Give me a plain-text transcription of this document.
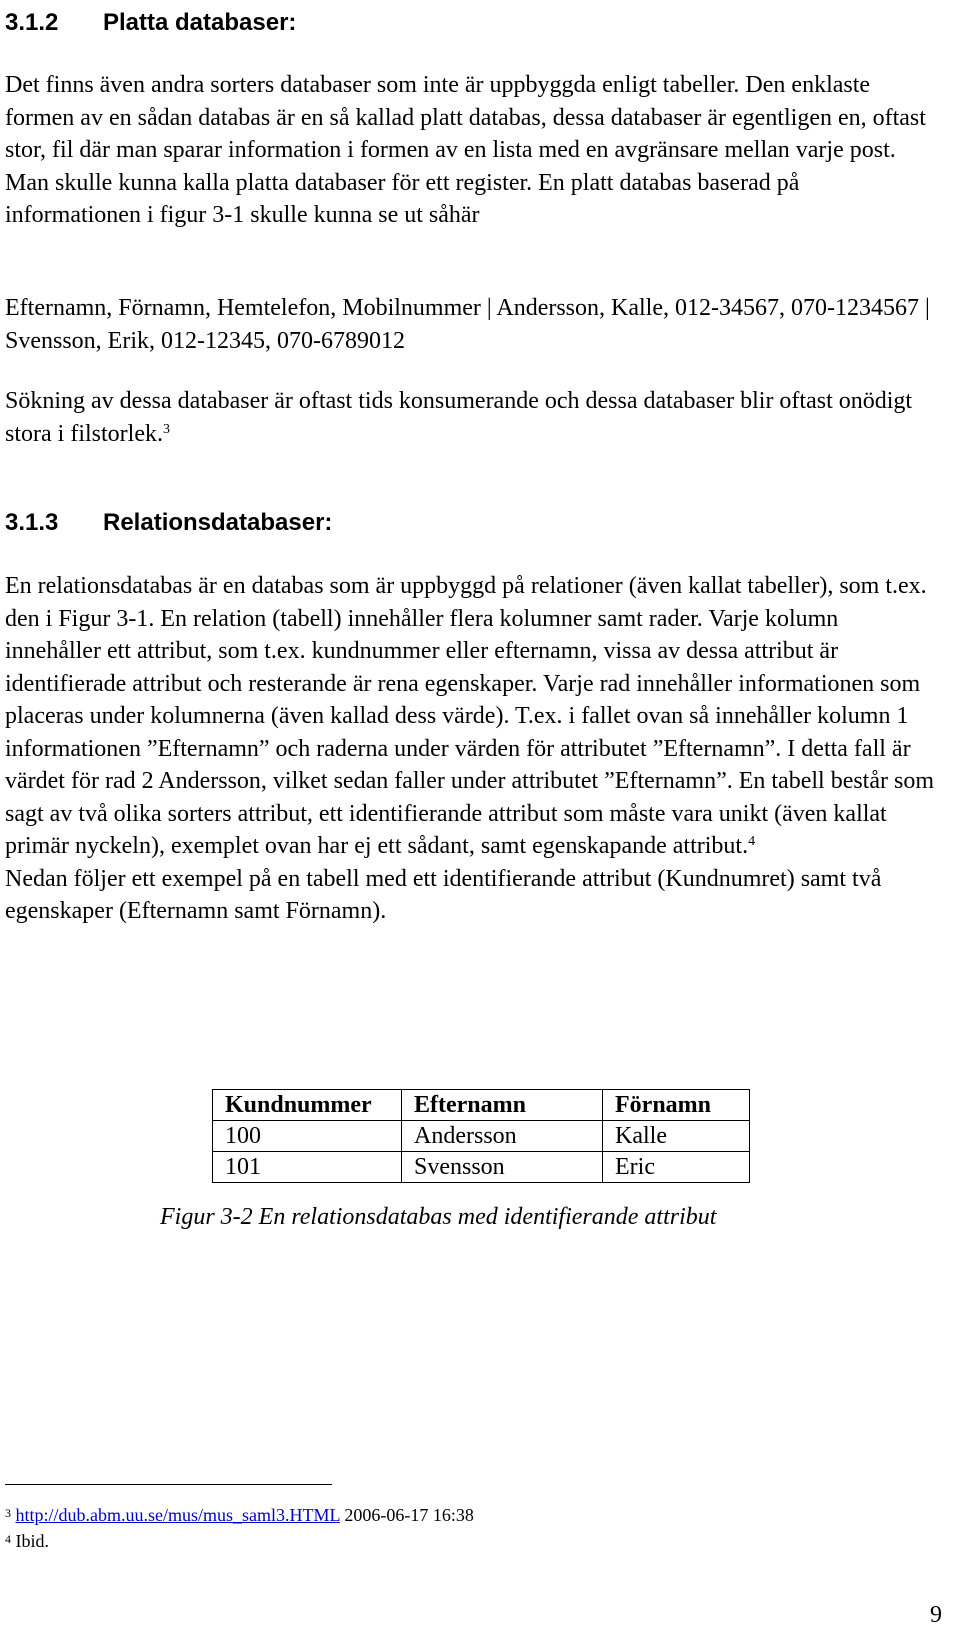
3.1.2 Platta databaser:

Det finns även andra sorters databaser som inte är uppbyggda enligt tabeller. Den enklaste formen av en sådan databas är en så kallad platt databas, dessa databaser är egentligen en, oftast stor, fil där man sparar information i formen av en lista med en avgränsare mellan varje post. Man skulle kunna kalla platta databaser för ett register. En platt databas baserad på informationen i figur 3-1 skulle kunna se ut såhär

Efternamn, Förnamn, Hemtelefon, Mobilnummer | Andersson, Kalle, 012-34567, 070-1234567 | Svensson, Erik, 012-12345, 070-6789012

Sökning av dessa databaser är oftast tids konsumerande och dessa databaser blir oftast onödigt stora i filstorlek.$^3$

3.1.3 Relationsdatabaser:

En relationsdatabas är en databas som är uppbyggd på relationer (även kallat tabeller), som t.ex. den i Figur 3-1. En relation (tabell) innehåller flera kolumner samt rader. Varje kolumn innehåller ett attribut, som t.ex. kundnummer eller efternamn, vissa av dessa attribut är identifierade attribut och resterande är rena egenskaper. Varje rad innehåller informationen som placeras under kolumnerna (även kallad dess värde). T.ex. i fallet ovan så innehåller kolumn 1 informationen ”Efternamn” och raderna under värden för attributet ”Efternamn”. I detta fall är värdet för rad 2 Andersson, vilket sedan faller under attributet ”Efternamn”. En tabell består som sagt av två olika sorters attribut, ett identifierande attribut som måste vara unikt (även kallat primär nyckeln), exemplet ovan har ej ett sådant, samt egenskapande attribut.$^4$
Nedan följer ett exempel på en tabell med ett identifierande attribut (Kundnumret) samt två egenskaper (Efternamn samt Förnamn).

Kundnummer	Efternamn	Förnamn
100	Andersson	Kalle
101	Svensson	Eric

Figur 3-2 En relationsdatabas med identifierande attribut

$^3$ http://dub.abm.uu.se/mus/mus_saml3.HTML 2006-06-17 16:38

$^4$ Ibid.

9
